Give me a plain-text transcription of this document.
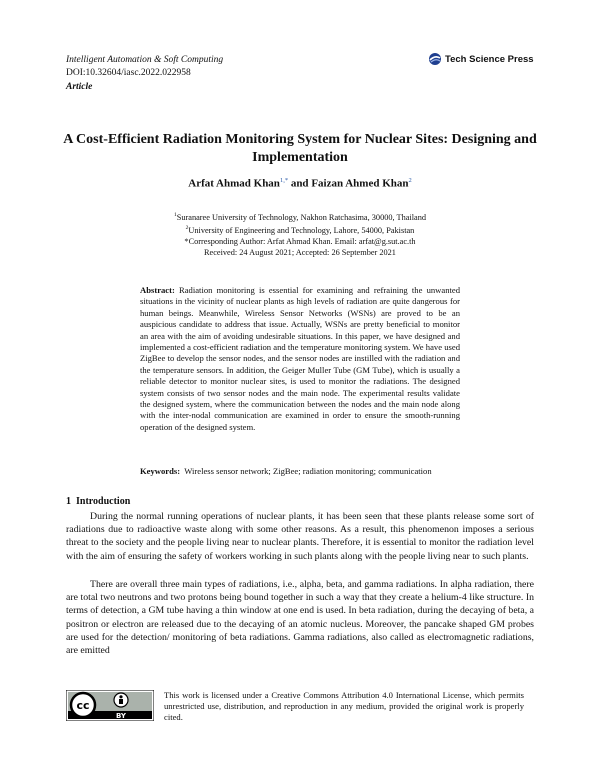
Intelligent Automation & Soft Computing
DOI:10.32604/iasc.2022.022958
Article
Tech Science Press
A Cost-Efficient Radiation Monitoring System for Nuclear Sites: Designing and Implementation
Arfat Ahmad Khan$^{1,*}$ and Faizan Ahmed Khan$^2$
$^1$Suranaree University of Technology, Nakhon Ratchasima, 30000, Thailand
$^2$University of Engineering and Technology, Lahore, 54000, Pakistan
*Corresponding Author: Arfat Ahmad Khan. Email: arfat@g.sut.ac.th
Received: 24 August 2021; Accepted: 26 September 2021
Abstract: Radiation monitoring is essential for examining and refraining the unwanted situations in the vicinity of nuclear plants as high levels of radiation are quite dangerous for human beings. Meanwhile, Wireless Sensor Networks (WSNs) are proved to be an auspicious candidate to address that issue. Actually, WSNs are pretty beneficial to monitor an area with the aim of avoiding undesirable situations. In this paper, we have designed and implemented a cost-efficient radiation and the temperature monitoring system. We have used ZigBee to develop the sensor nodes, and the sensor nodes are instilled with the radiation and the temperature sensors. In addition, the Geiger Muller Tube (GM Tube), which is usually a reliable detector to monitor nuclear sites, is used to monitor the radiations. The designed system consists of two sensor nodes and the main node. The experimental results validate the designed system, where the communication between the nodes and the main node along with the inter-nodal communication are examined in order to ensure the smooth-running operation of the designed system.
Keywords: Wireless sensor network; ZigBee; radiation monitoring; communication
1  Introduction

During the normal running operations of nuclear plants, it has been seen that these plants release some sort of radiations due to radioactive waste along with some other reasons. As a result, this phenomenon imposes a serious threat to the society and the people living near to nuclear plants. Therefore, it is essential to monitor the radiation level with the aim of ensuring the safety of workers working in such plants along with the people living near to such plants.

There are overall three main types of radiations, i.e., alpha, beta, and gamma radiations. In alpha radiation, there are total two neutrons and two protons being bound together in such a way that they create a helium-4 like structure. In terms of detection, a GM tube having a thin window at one end is used. In beta radiation, during the decaying of beta, a positron or electron are released due to the decaying of an atomic nucleus. Moreover, the pancake shaped GM probes are used for the detection/ monitoring of beta radiations. Gamma radiations, also called as electromagnetic radiations, are emitted

cc
BY
This work is licensed under a Creative Commons Attribution 4.0 International License, which permits unrestricted use, distribution, and reproduction in any medium, provided the original work is properly cited.
